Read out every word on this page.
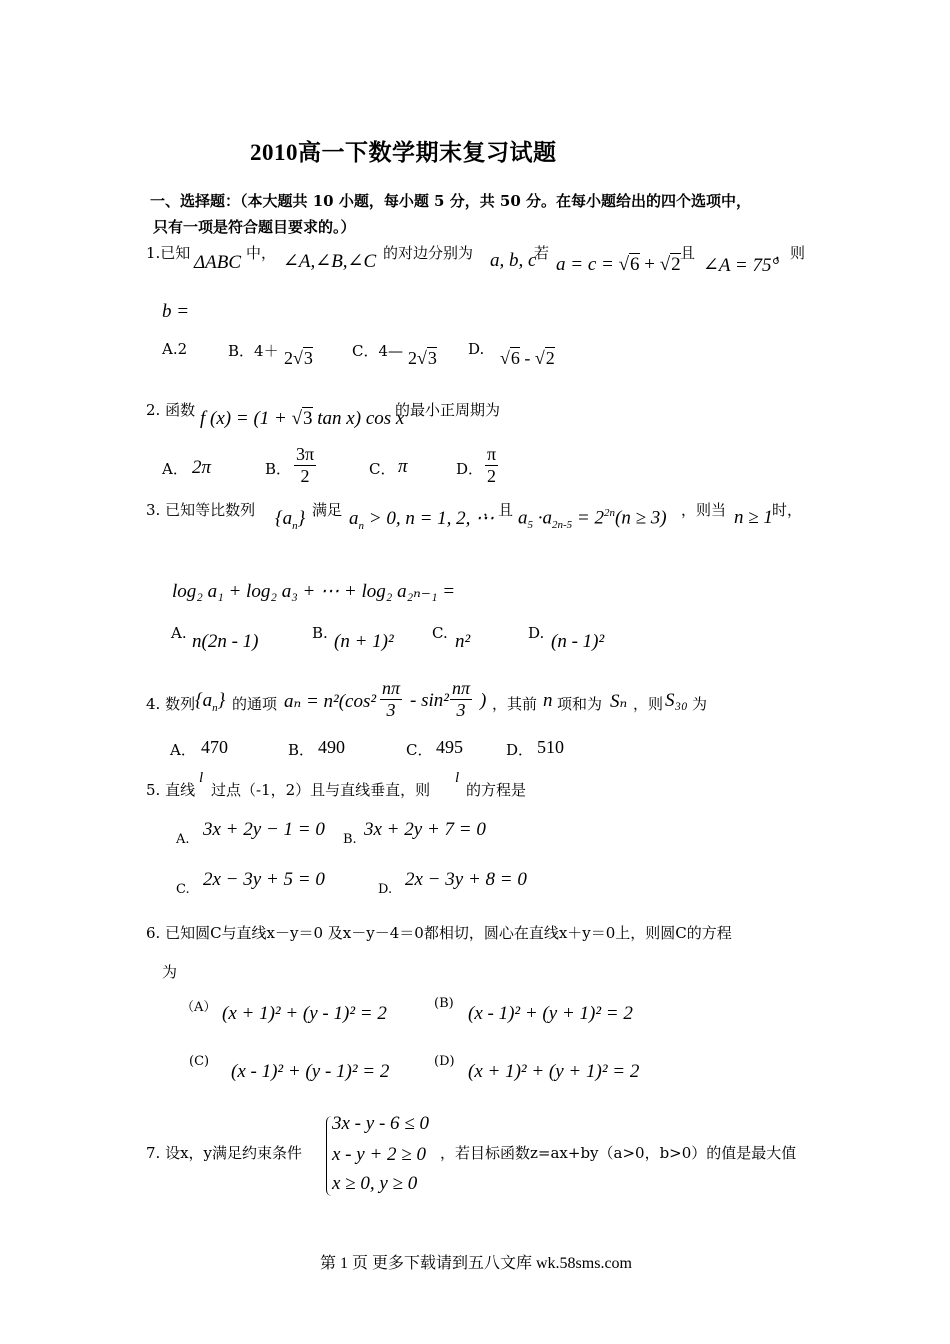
2010高一下数学期末复习试题
一、选择题：（本大题共 10 小题，每小题 5 分，共 50 分。在每小题给出的四个选项中，
只有一项是符合题目要求的。）
1.已知 ΔABC 中， ∠A,∠B,∠C 的对边分别为 a, b, c
若
a = c = √6 + √2
且
∠A = 75°
，则
b =
A.2	B．4＋ 2√3	C．4— 2√3 D. √6 - √2
2. 函数 f (x) = (1 + √3 tan x) cos x
的最小正周期为
A． 2π	B． $\frac{3\pi}{2}$	C． π	D． $\frac{\pi}{2}$
3. 已知等比数列 $\{a_n\}$ 满足 $a_n > 0$, n = 1, 2, ⋯
，且 $a_5 \cdot a_{2n-5} = 2^{2n}(n \ge 3)$ ，则当 n ≥ 1 时，
log₂ a₁ + log₂ a₃ + ⋯ + log₂ a₂ₙ₋₁ =
A. n(2n - 1)	B. (n + 1)²	C. n²	D. (n - 1)²
4. 数列 $\{a_n\}$ 的通项 $a_n = n^2(\cos^2 \frac{n\pi}{3} - \sin^2 \frac{n\pi}{3}$ ) ，其前 n 项和为 Sₙ ，则 S₃₀ 为
A． 470	B． 490	C． 495	D． 510
5. 直线
l
过点（-1，2）且与直线垂直，则
l
的方程是
A. 3x + 2y − 1 = 0 B. 3x + 2y + 7 = 0
C. 2x − 3y + 5 = 0	D. 2x − 3y + 8 = 0
6. 已知圆C与直线x－y＝0 及x－y－4＝0都相切，圆心在直线x＋y＝0上，则圆C的方程
为
（A） (x + 1)² + (y - 1)² = 2	(B) (x - 1)² + (y + 1)² = 2
(C) (x - 1)² + (y - 1)² = 2	(D) (x + 1)² + (y + 1)² = 2
7. 设x，y满足约束条件
3x - y - 6 ≤ 0
x - y + 2 ≥ 0
x ≥ 0, y ≥ 0
，若目标函数z=ax+by（a>0，b>0）的值是最大值
第 1 页 更多下载请到五八文库 wk.58sms.com
